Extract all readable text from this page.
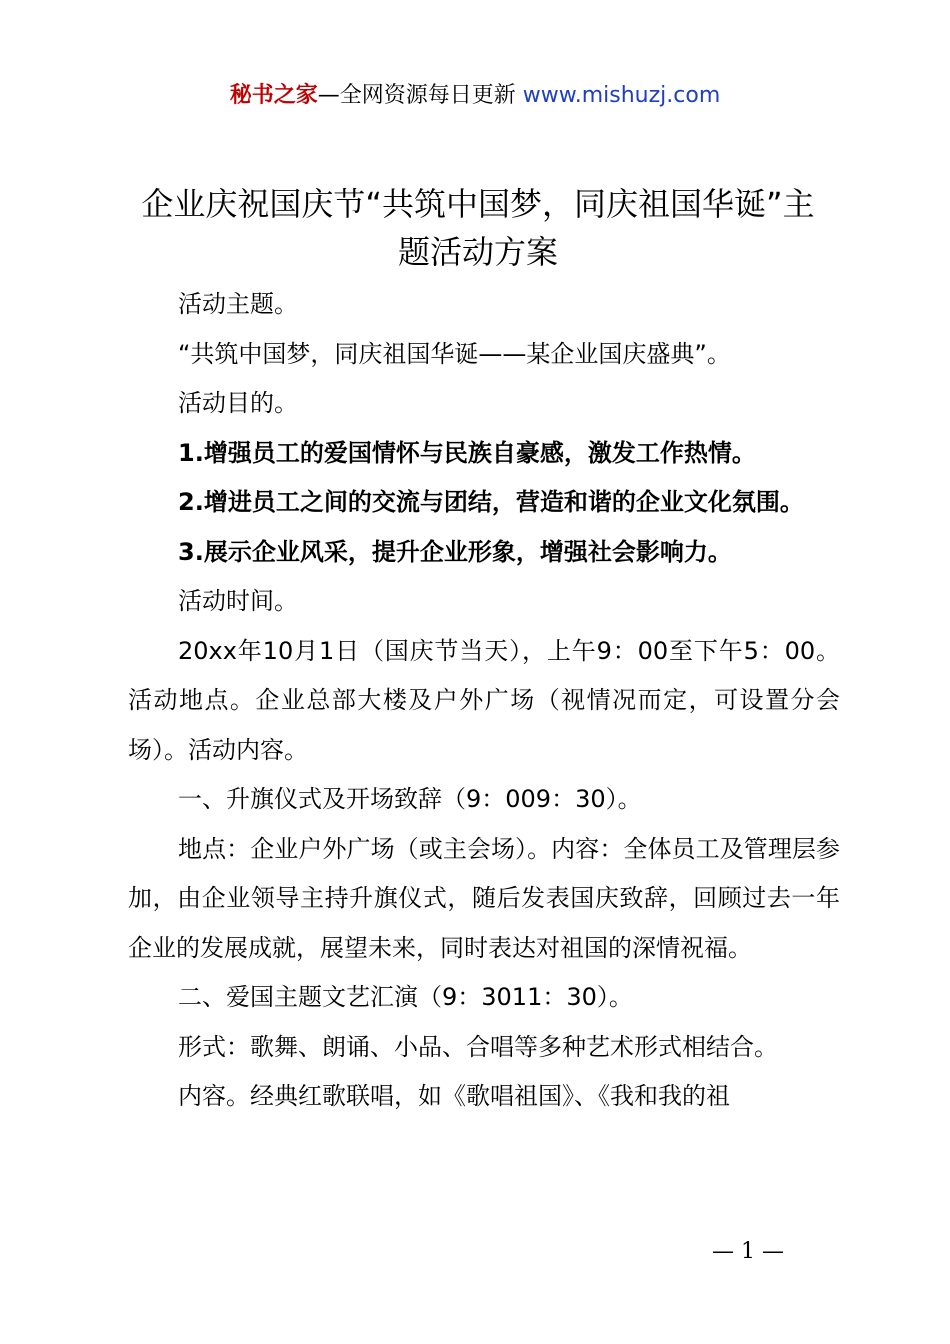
秘书之家—全网资源每日更新 www.mishuzj.com
企业庆祝国庆节“共筑中国梦，同庆祖国华诞”主题活动方案

活动主题。

“共筑中国梦，同庆祖国华诞——某企业国庆盛典”。

活动目的。

1.增强员工的爱国情怀与民族自豪感，激发工作热情。

2.增进员工之间的交流与团结，营造和谐的企业文化氛围。

3.展示企业风采，提升企业形象，增强社会影响力。

活动时间。

20xx年10月1日（国庆节当天），上午9：00至下午5：00。活动地点。企业总部大楼及户外广场（视情况而定，可设置分会场）。活动内容。

一、升旗仪式及开场致辞（9：009：30）。

地点：企业户外广场（或主会场）。内容：全体员工及管理层参加，由企业领导主持升旗仪式，随后发表国庆致辞，回顾过去一年企业的发展成就，展望未来，同时表达对祖国的深情祝福。

二、爱国主题文艺汇演（9：3011：30）。

形式：歌舞、朗诵、小品、合唱等多种艺术形式相结合。

内容。经典红歌联唱，如《歌唱祖国》、《我和我的祖

— 1 —
